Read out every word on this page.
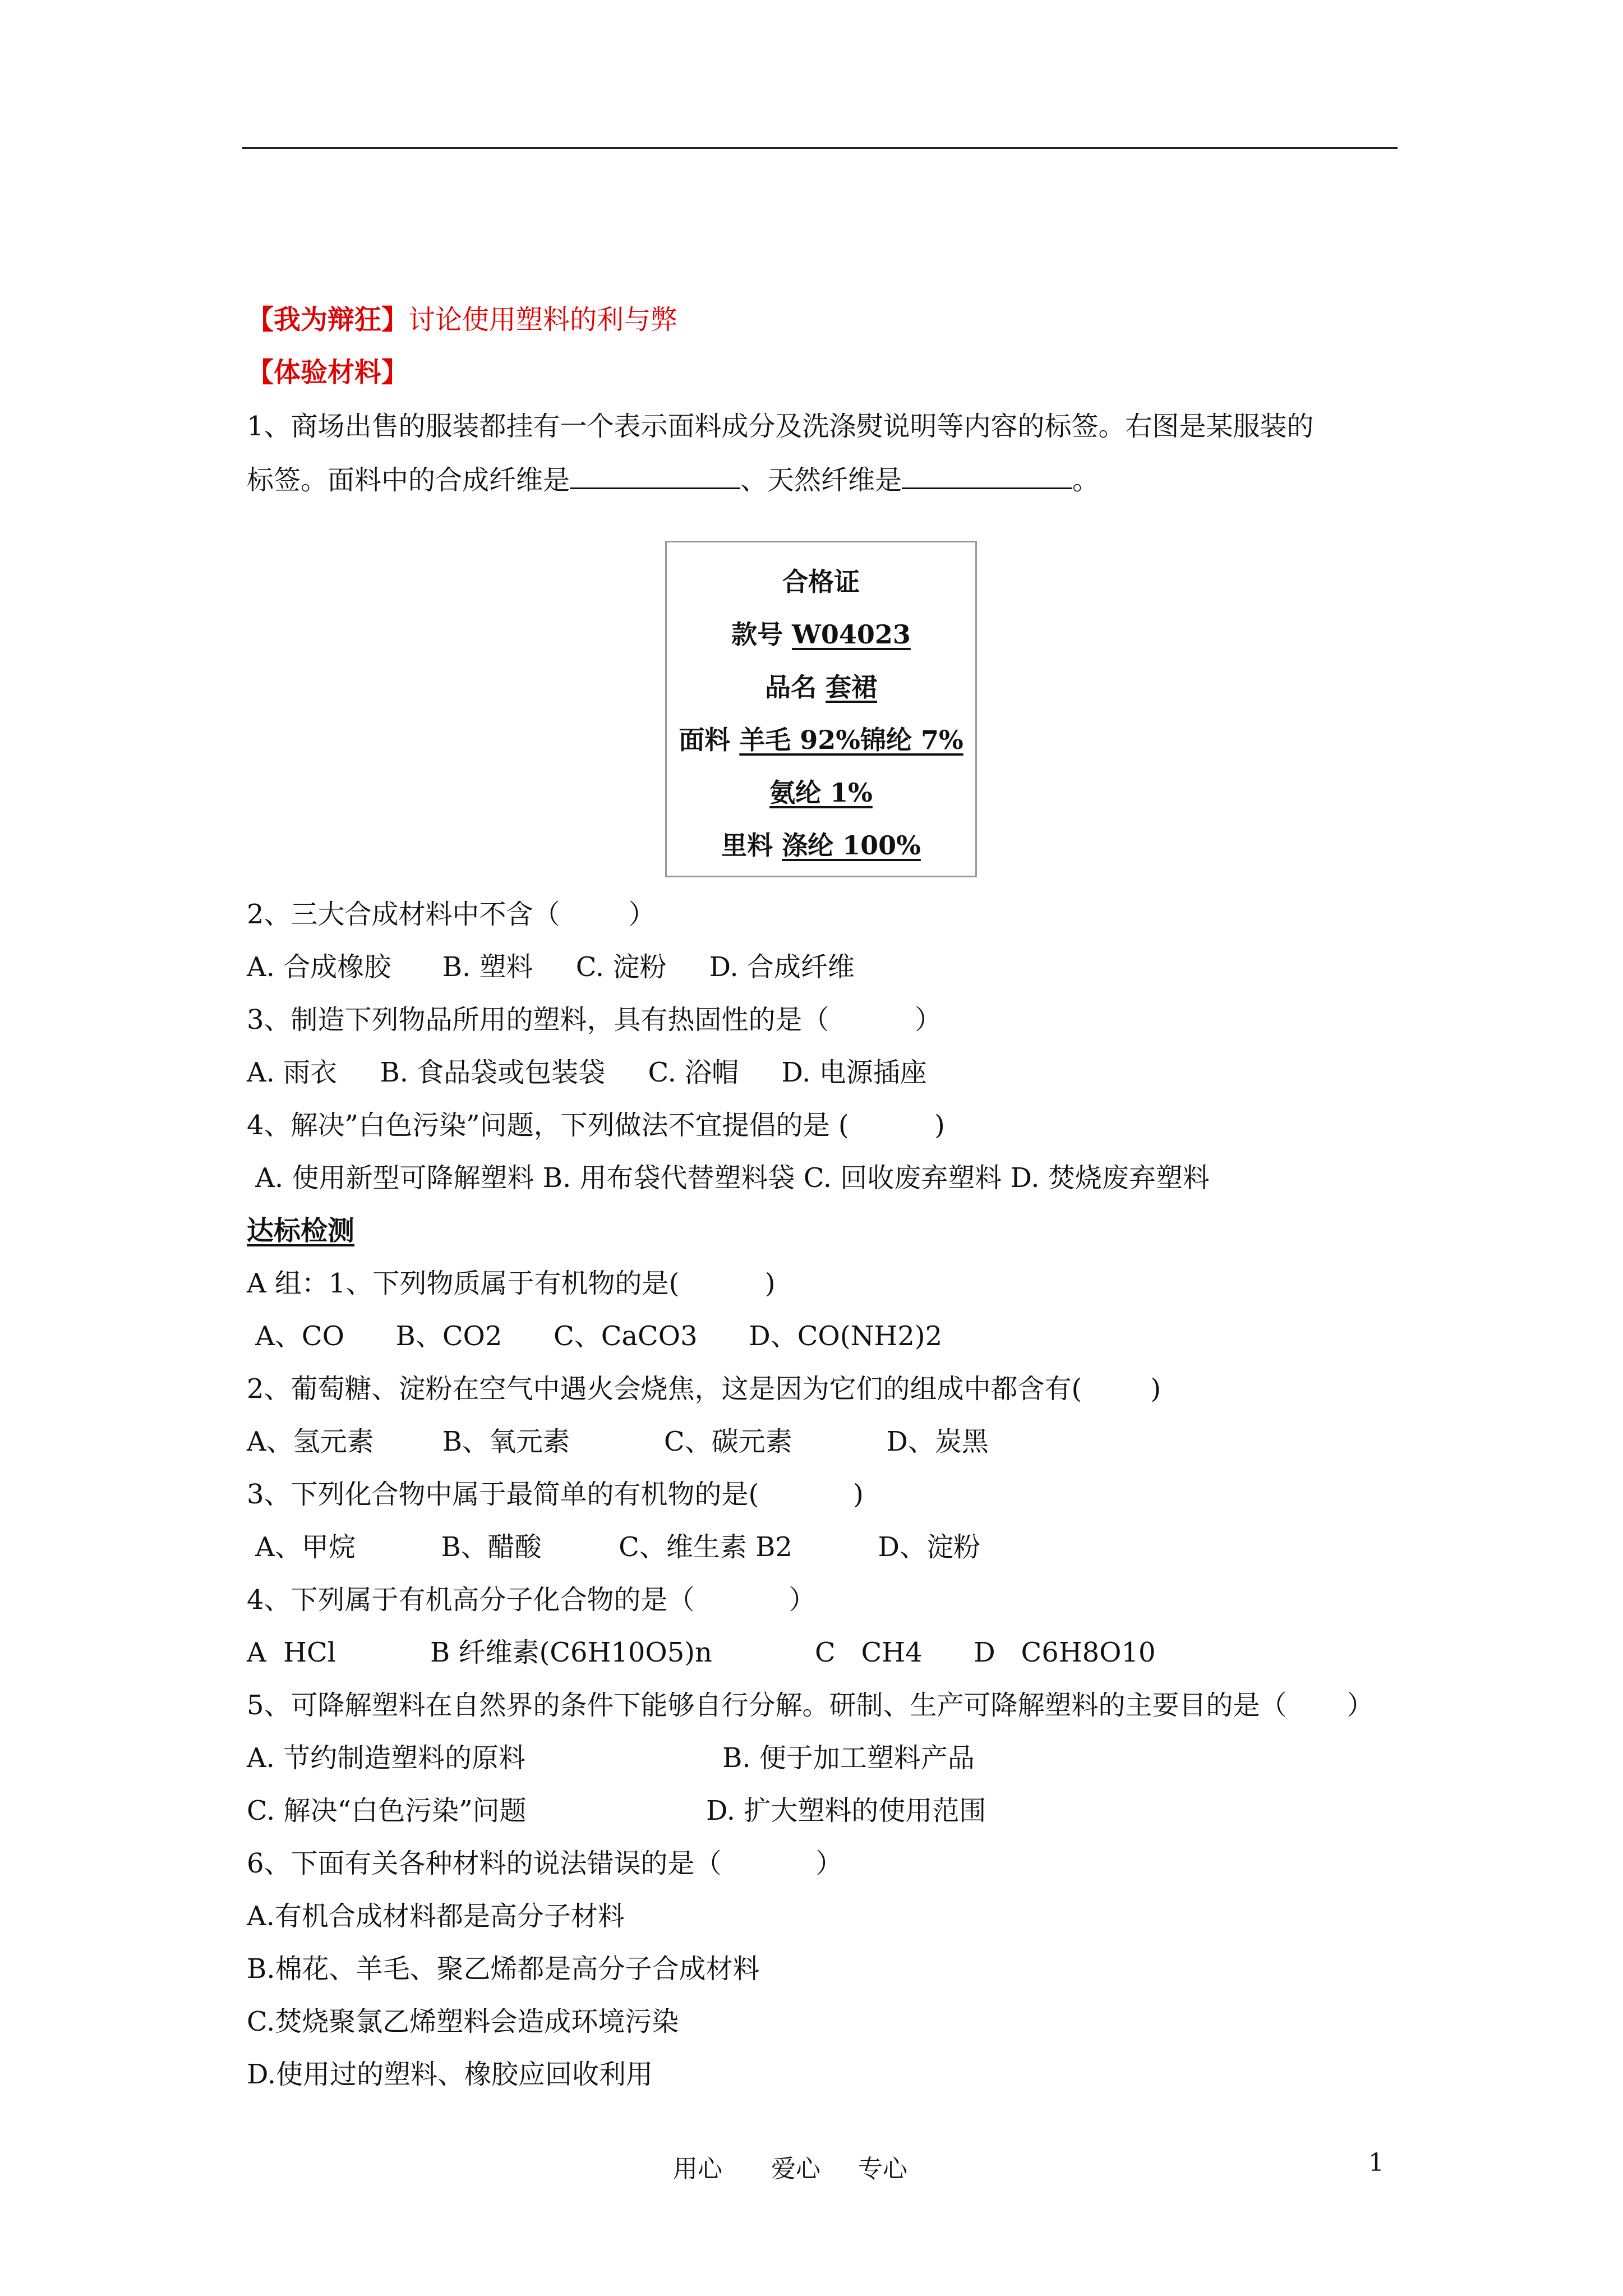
【我为辩狂】讨论使用塑料的利与弊
【体验材料】
1、商场出售的服装都挂有一个表示面料成分及洗涤熨说明等内容的标签。右图是某服装的
标签。面料中的合成纤维是	、天然纤维是	。
合格证
款号 W04023
品名 套裙
面料 羊毛 92%锦纶 7%
氨纶 1%
里料 涤纶 100%
2、三大合成材料中不含（        ）
A. 合成橡胶      B. 塑料     C. 淀粉     D. 合成纤维
3、制造下列物品所用的塑料，具有热固性的是（          ）
A. 雨衣     B. 食品袋或包装袋     C. 浴帽     D. 电源插座
4、解决”白色污染”问题，下列做法不宜提倡的是 (          )
A. 使用新型可降解塑料 B. 用布袋代替塑料袋 C. 回收废弃塑料 D. 焚烧废弃塑料
达标检测
A 组：1、下列物质属于有机物的是(          )
A、CO      B、CO2      C、CaCO3      D、CO(NH2)2
2、葡萄糖、淀粉在空气中遇火会烧焦，这是因为它们的组成中都含有(        )
A、氢元素        B、氧元素           C、碳元素           D、炭黑
3、下列化合物中属于最简单的有机物的是(           )
A、甲烷          B、醋酸         C、维生素 B2          D、淀粉
4、下列属于有机高分子化合物的是（           ）
A  HCl           B 纤维素(C6H10O5)n            C   CH4      D   C6H8O10
5、可降解塑料在自然界的条件下能够自行分解。研制、生产可降解塑料的主要目的是（       ）
A. 节约制造塑料的原料                       B. 便于加工塑料产品
C. 解决“白色污染”问题                     D. 扩大塑料的使用范围
6、下面有关各种材料的说法错误的是（           ）
A.有机合成材料都是高分子材料
B.棉花、羊毛、聚乙烯都是高分子合成材料
C.焚烧聚氯乙烯塑料会造成环境污染
D.使用过的塑料、橡胶应回收利用
用心 爱心 专心	1
